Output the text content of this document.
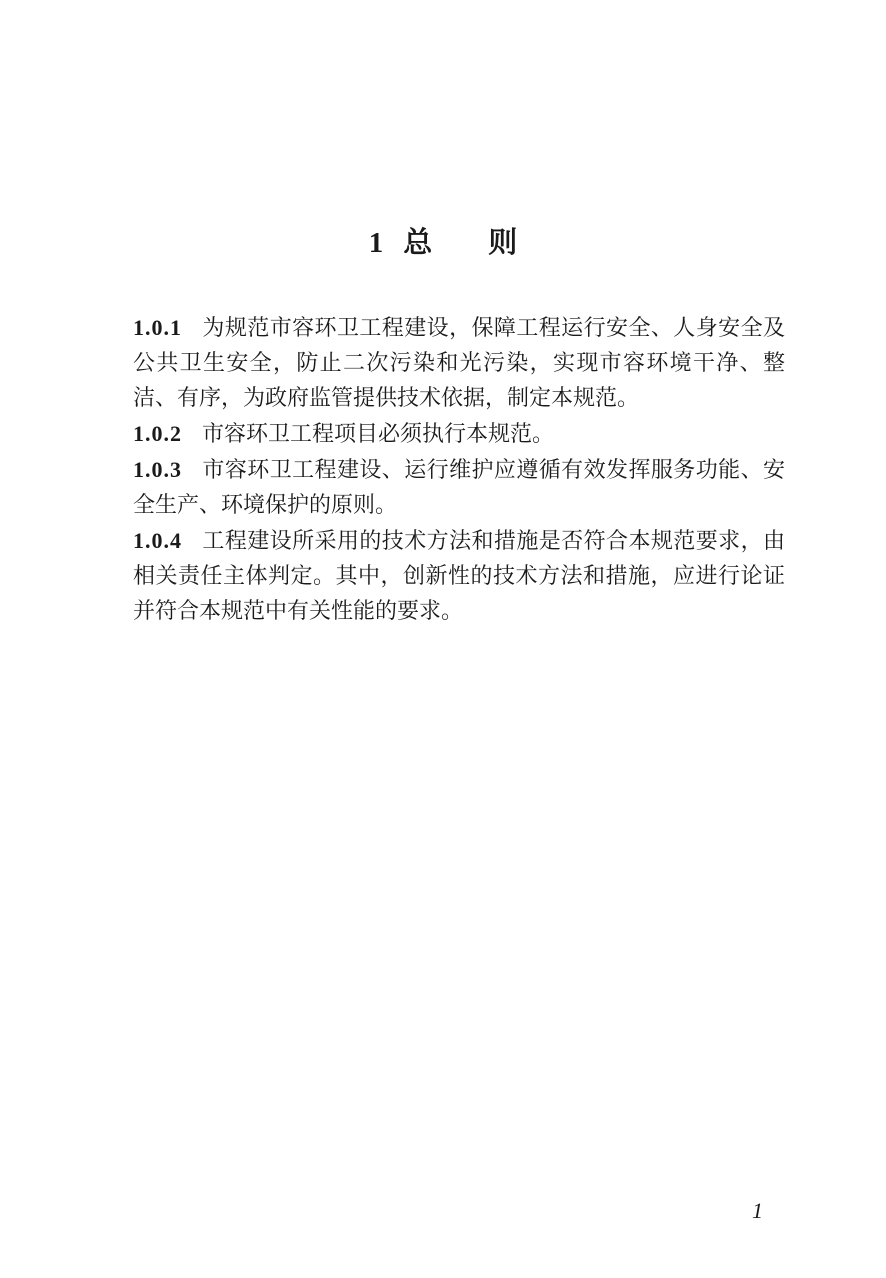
1 总 则

1.0.1 为规范市容环卫工程建设，保障工程运行安全、人身安全及公共卫生安全，防止二次污染和光污染，实现市容环境干净、整洁、有序，为政府监管提供技术依据，制定本规范。

1.0.2 市容环卫工程项目必须执行本规范。

1.0.3 市容环卫工程建设、运行维护应遵循有效发挥服务功能、安全生产、环境保护的原则。

1.0.4 工程建设所采用的技术方法和措施是否符合本规范要求，由相关责任主体判定。其中，创新性的技术方法和措施，应进行论证并符合本规范中有关性能的要求。

1
